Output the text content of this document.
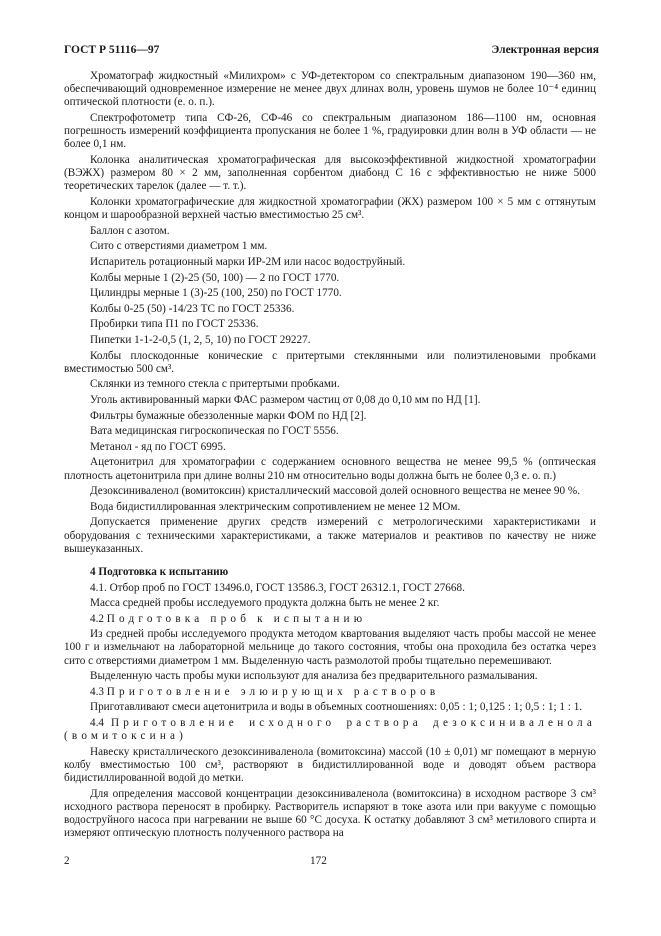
ГОСТ Р 51116—97	Электронная версия

Хроматограф жидкостный «Милихром» с УФ-детектором со спектральным диапазоном 190—360 нм, обеспечивающий одновременное измерение не менее двух длинах волн, уровень шумов не более 10⁻⁴ единиц оптической плотности (е. о. п.).

Спектрофотометр типа СФ-26, СФ-46 со спектральным диапазоном 186—1100 нм, основная погрешность измерений коэффициента пропускания не более 1 %, градуировки длин волн в УФ области — не более 0,1 нм.

Колонка аналитическая хроматографическая для высокоэффективной жидкостной хроматографии (ВЭЖХ) размером 80 × 2 мм, заполненная сорбентом диабонд С 16 с эффективностью не ниже 5000 теоретических тарелок (далее — т. т.).

Колонки хроматографические для жидкостной хроматографии (ЖХ) размером 100 × 5 мм с оттянутым концом и шарообразной верхней частью вместимостью 25 см³.

Баллон с азотом.

Сито с отверстиями диаметром 1 мм.

Испаритель ротационный марки ИР-2М или насос водоструйный.

Колбы мерные 1 (2)-25 (50, 100) — 2 по ГОСТ 1770.

Цилиндры мерные 1 (3)-25 (100, 250) по ГОСТ 1770.

Колбы 0-25 (50) -14/23 ТС по ГОСТ 25336.

Пробирки типа П1 по ГОСТ 25336.

Пипетки 1-1-2-0,5 (1, 2, 5, 10) по ГОСТ 29227.

Колбы плоскодонные конические с притертыми стеклянными или полиэтиленовыми пробками вместимостью 500 см³.

Склянки из темного стекла с притертыми пробками.

Уголь активированный марки ФАС размером частиц от 0,08 до 0,10 мм по НД [1].

Фильтры бумажные обеззоленные марки ФОМ по НД [2].

Вата медицинская гигроскопическая по ГОСТ 5556.

Метанол - яд по ГОСТ 6995.

Ацетонитрил для хроматографии с содержанием основного вещества не менее 99,5 % (оптическая плотность ацетонитрила при длине волны 210 нм относительно воды должна быть не более 0,3 е. о. п.)

Дезоксиниваленол (вомитоксин) кристаллический массовой долей основного вещества не менее 90 %.

Вода бидистиллированная электрическим сопротивлением не менее 12 МОм.

Допускается применение других средств измерений с метрологическими характеристиками и оборудования с техническими характеристиками, а также материалов и реактивов по качеству не ниже вышеуказанных.

4 Подготовка к испытанию

4.1. Отбор проб по ГОСТ 13496.0, ГОСТ 13586.3, ГОСТ 26312.1, ГОСТ 27668.

Масса средней пробы исследуемого продукта должна быть не менее 2 кг.

4.2 Подготовка проб к испытанию

Из средней пробы исследуемого продукта методом квартования выделяют часть пробы массой не менее 100 г и измельчают на лабораторной мельнице до такого состояния, чтобы она проходила без остатка через сито с отверстиями диаметром 1 мм. Выделенную часть размолотой пробы тщательно перемешивают.

Выделенную часть пробы муки используют для анализа без предварительного размалывания.

4.3 Приготовление элюирующих растворов

Приготавливают смеси ацетонитрила и воды в объемных соотношениях: 0,05 : 1; 0,125 : 1; 0,5 : 1; 1 : 1.

4.4 Приготовление исходного раствора дезоксиниваленола (вомитоксина)

Навеску кристаллического дезоксиниваленола (вомитоксина) массой (10 ± 0,01) мг помещают в мерную колбу вместимостью 100 см³, растворяют в бидистиллированной воде и доводят объем раствора бидистиллированной водой до метки.

Для определения массовой концентрации дезоксиниваленола (вомитоксина) в исходном растворе 3 см³ исходного раствора переносят в пробирку. Растворитель испаряют в токе азота или при вакууме с помощью водоструйного насоса при нагревании не выше 60 °С досуха. К остатку добавляют 3 см³ метилового спирта и измеряют оптическую плотность полученного раствора на

2	172
